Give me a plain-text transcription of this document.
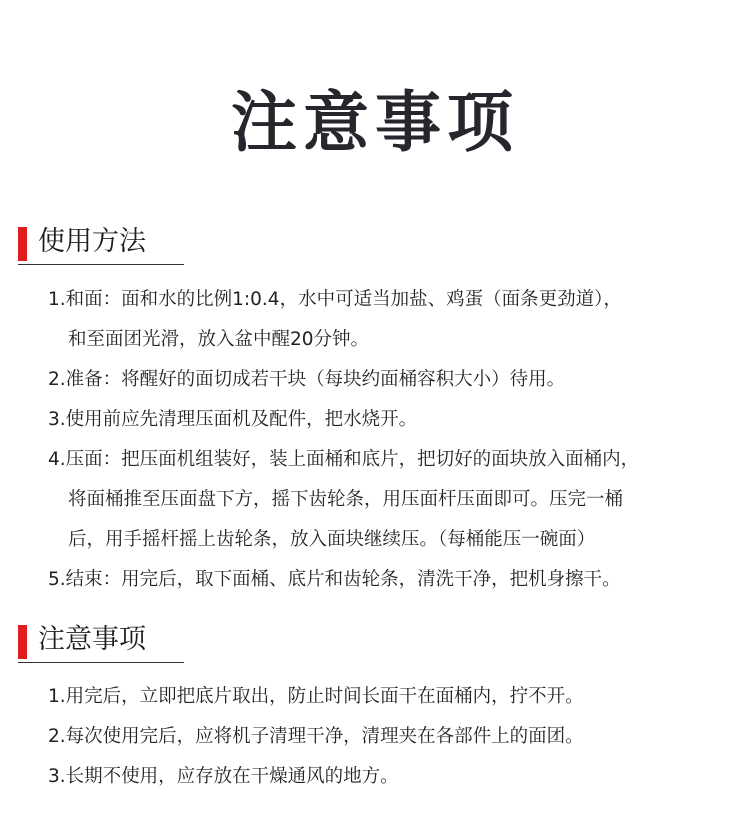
注意事项
使用方法
1.和面：面和水的比例1:0.4，水中可适当加盐、鸡蛋（面条更劲道），
和至面团光滑，放入盆中醒20分钟。
2.准备：将醒好的面切成若干块（每块约面桶容积大小）待用。
3.使用前应先清理压面机及配件，把水烧开。
4.压面：把压面机组装好，装上面桶和底片，把切好的面块放入面桶内，
将面桶推至压面盘下方，摇下齿轮条，用压面杆压面即可。压完一桶
后，用手摇杆摇上齿轮条，放入面块继续压。（每桶能压一碗面）
5.结束：用完后，取下面桶、底片和齿轮条，清洗干净，把机身擦干。
注意事项
1.用完后，立即把底片取出，防止时间长面干在面桶内，拧不开。
2.每次使用完后，应将机子清理干净，清理夹在各部件上的面团。
3.长期不使用，应存放在干燥通风的地方。
